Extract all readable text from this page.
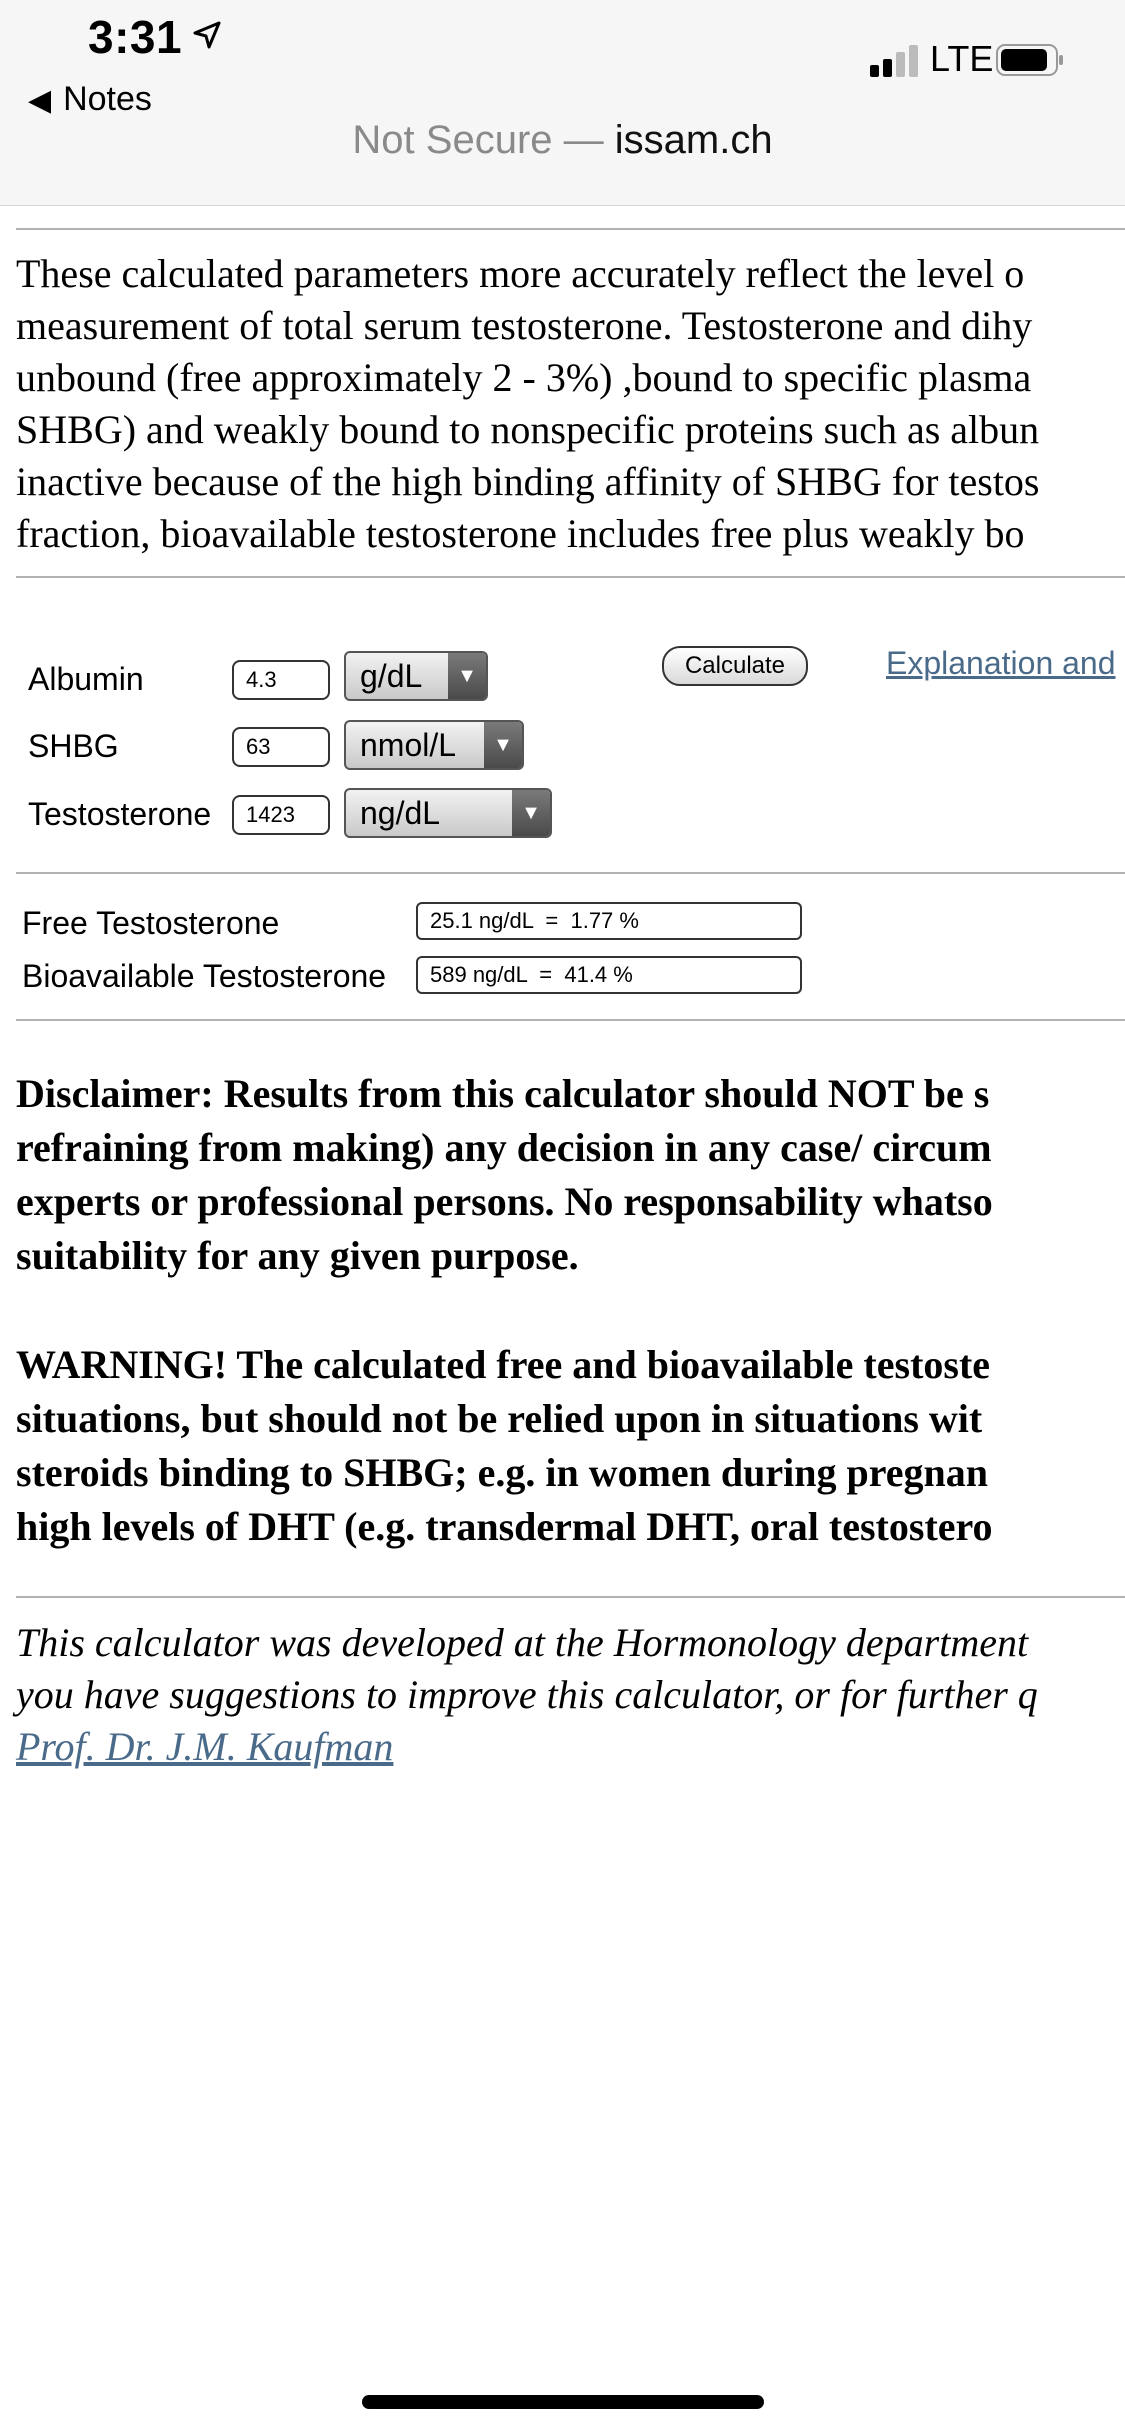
3:31
◀ Notes
LTE
Not Secure — issam.ch
These calculated parameters more accurately reflect the level o
measurement of total serum testosterone. Testosterone and dihy
unbound (free approximately 2 - 3%) ,bound to specific plasma
SHBG) and weakly bound to nonspecific proteins such as albun
inactive because of the high binding affinity of SHBG for testos
fraction, bioavailable testosterone includes free plus weakly bo
Albumin	4.3	g/dL	▼
SHBG	63	nmol/L	▼
Testosterone	1423	ng/dL	▼
Calculate	Explanation and
Free Testosterone	25.1 ng/dL  =  1.77 %
Bioavailable Testosterone	589 ng/dL  =  41.4 %
Disclaimer: Results from this calculator should NOT be s
refraining from making) any decision in any case/ circum
experts or professional persons. No responsability whatso
suitability for any given purpose.
WARNING! The calculated free and bioavailable testoste
situations, but should not be relied upon in situations wit
steroids binding to SHBG; e.g. in women during pregnan
high levels of DHT (e.g. transdermal DHT, oral testostero
This calculator was developed at the Hormonology department
you have suggestions to improve this calculator, or for further q
Prof. Dr. J.M. Kaufman
